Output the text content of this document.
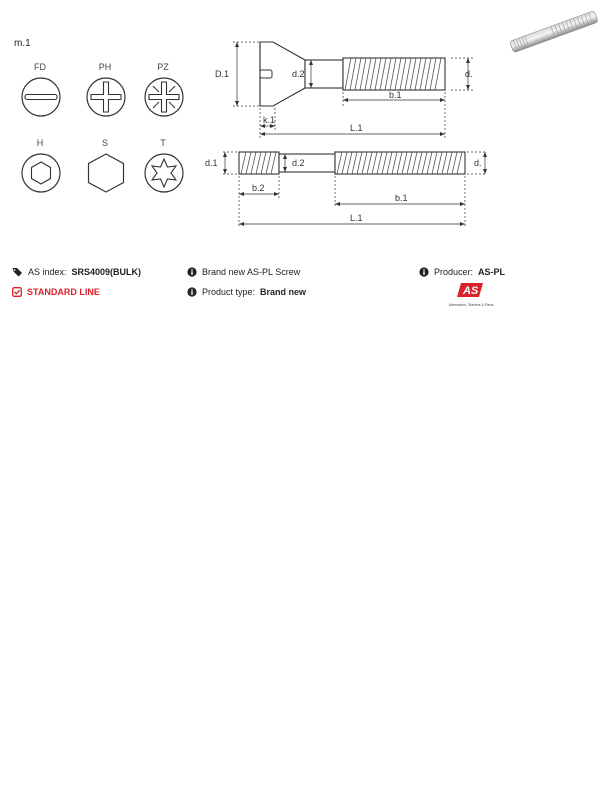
m.1
FD	PH	PZ
H	S	T
D.1	d.2	d.
b.1
k.1
L.1
d.1	d.2	d.
b.2
b.1
L.1
AS index: SRS4009(BULK)
STANDARD LINE
Brand new AS-PL Screw
Product type: Brand new
Producer: AS-PL
AS
Alternators, Starters & Parts
